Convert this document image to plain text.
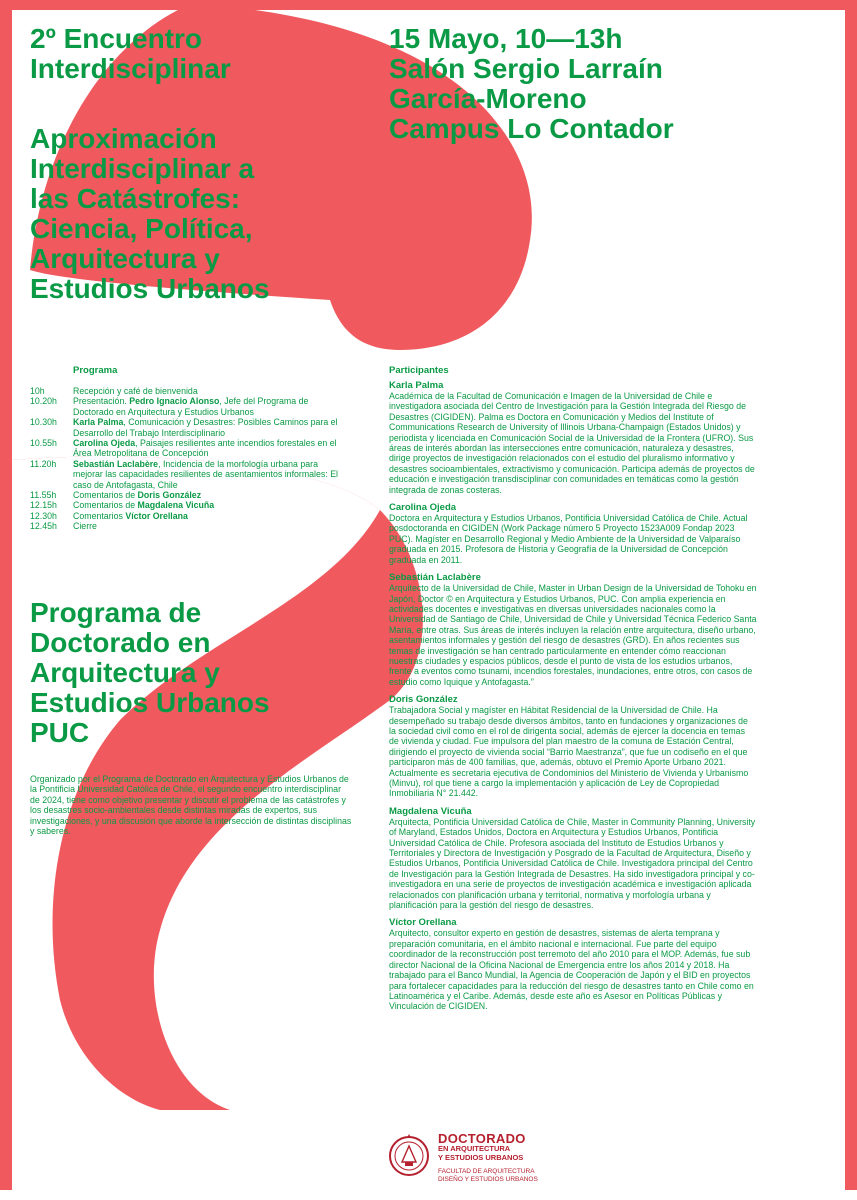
2º Encuentro
Interdisciplinar
Aproximación
Interdisciplinar a
las Catástrofes:
Ciencia, Política,
Arquitectura y
Estudios Urbanos
15 Mayo, 10—13h
Salón Sergio Larraín
García-Moreno
Campus Lo Contador
Programa
10h	Recepción y café de bienvenida
10.20h	Presentación. Pedro Ignacio Alonso, Jefe del Programa de Doctorado en Arquitectura y Estudios Urbanos
10.30h	Karla Palma, Comunicación y Desastres: Posibles Caminos para el Desarrollo del Trabajo Interdisciplinario
10.55h	Carolina Ojeda, Paisajes resilientes ante incendios forestales en el Área Metropolitana de Concepción
11.20h	Sebastián Laclabère, Incidencia de la morfología urbana para mejorar las capacidades resilientes de asentamientos informales: El caso de Antofagasta, Chile
11.55h	Comentarios de Doris González
12.15h	Comentarios de Magdalena Vicuña
12.30h	Comentarios Víctor Orellana
12.45h	Cierre
Programa de
Doctorado en
Arquitectura y
Estudios Urbanos
PUC
Organizado por el Programa de Doctorado en Arquitectura y Estudios Urbanos de la Pontificia Universidad Católica de Chile, el segundo encuentro interdisciplinar de 2024, tiene como objetivo presentar y discutir el problema de las catástrofes y los desastres socio-ambientales desde distintas miradas de expertos, sus investigaciones, y una discusión que aborde la intersección de distintas disciplinas y saberes.
Participantes
Karla Palma
Académica de la Facultad de Comunicación e Imagen de la Universidad de Chile e investigadora asociada del Centro de Investigación para la Gestión Integrada del Riesgo de Desastres (CIGIDEN). Palma es Doctora en Comunicación y Medios del Institute of Communications Research de University of Illinois Urbana-Champaign (Estados Unidos) y periodista y licenciada en Comunicación Social de la Universidad de la Frontera (UFRO). Sus áreas de interés abordan las intersecciones entre comunicación, naturaleza y desastres, dirige proyectos de investigación relacionados con el estudio del pluralismo informativo y desastres socioambientales, extractivismo y comunicación. Participa además de proyectos de educación e investigación transdisciplinar con comunidades en temáticas como la gestión integrada de zonas costeras.
Carolina Ojeda
Doctora en Arquitectura y Estudios Urbanos, Pontificia Universidad Católica de Chile. Actual posdoctoranda en CIGIDEN (Work Package número 5 Proyecto 1523A009 Fondap 2023 PUC). Magíster en Desarrollo Regional y Medio Ambiente de la Universidad de Valparaíso graduada en 2015. Profesora de Historia y Geografía de la Universidad de Concepción graduada en 2011.
Sebastián Laclabère
Arquitecto de la Universidad de Chile, Master in Urban Design de la Universidad de Tohoku en Japón, Doctor © en Arquitectura y Estudios Urbanos, PUC. Con amplia experiencia en actividades docentes e investigativas en diversas universidades nacionales como la Universidad de Santiago de Chile, Universidad de Chile y Universidad Técnica Federico Santa María, entre otras. Sus áreas de interés incluyen la relación entre arquitectura, diseño urbano, asentamientos informales y gestión del riesgo de desastres (GRD). En años recientes sus temas de investigación se han centrado particularmente en entender cómo reaccionan nuestras ciudades y espacios públicos, desde el punto de vista de los estudios urbanos, frente a eventos como tsunami, incendios forestales, inundaciones, entre otros, con casos de estudio como Iquique y Antofagasta.”
Doris González
Trabajadora Social y magíster en Hábitat Residencial de la Universidad de Chile. Ha desempeñado su trabajo desde diversos ámbitos, tanto en fundaciones y organizaciones de la sociedad civil como en el rol de dirigenta social, además de ejercer la docencia en temas de vivienda y ciudad. Fue impulsora del plan maestro de la comuna de Estación Central, dirigiendo el proyecto de vivienda social “Barrio Maestranza”, que fue un codiseño en el que participaron más de 400 familias, que, además, obtuvo el Premio Aporte Urbano 2021. Actualmente es secretaria ejecutiva de Condominios del Ministerio de Vivienda y Urbanismo (Minvu), rol que tiene a cargo la implementación y aplicación de Ley de Copropiedad Inmobiliaria N° 21.442.
Magdalena Vicuña
Arquitecta, Pontificia Universidad Católica de Chile, Master in Community Planning, University of Maryland, Estados Unidos, Doctora en Arquitectura y Estudios Urbanos, Pontificia Universidad Católica de Chile. Profesora asociada del Instituto de Estudios Urbanos y Territoriales y Directora de Investigación y Posgrado de la Facultad de Arquitectura, Diseño y Estudios Urbanos, Pontificia Universidad Católica de Chile. Investigadora principal del Centro de Investigación para la Gestión Integrada de Desastres. Ha sido investigadora principal y co-investigadora en una serie de proyectos de investigación académica e investigación aplicada relacionados con planificación urbana y territorial, normativa y morfología urbana y planificación para la gestión del riesgo de desastres.
Víctor Orellana
Arquitecto, consultor experto en gestión de desastres, sistemas de alerta temprana y preparación comunitaria, en el ámbito nacional e internacional. Fue parte del equipo coordinador de la reconstrucción post terremoto del año 2010 para el MOP. Además, fue sub director Nacional de la Oficina Nacional de Emergencia entre los años 2014 y 2018. Ha trabajado para el Banco Mundial, la Agencia de Cooperación de Japón y el BID en proyectos para fortalecer capacidades para la reducción del riesgo de desastres tanto en Chile como en Latinoamérica y el Caribe. Además, desde este año es Asesor en Políticas Públicas y Vinculación de CIGIDEN.
DOCTORADO
EN ARQUITECTURA
Y ESTUDIOS URBANOS
FACULTAD DE ARQUITECTURA
DISEÑO Y ESTUDIOS URBANOS
